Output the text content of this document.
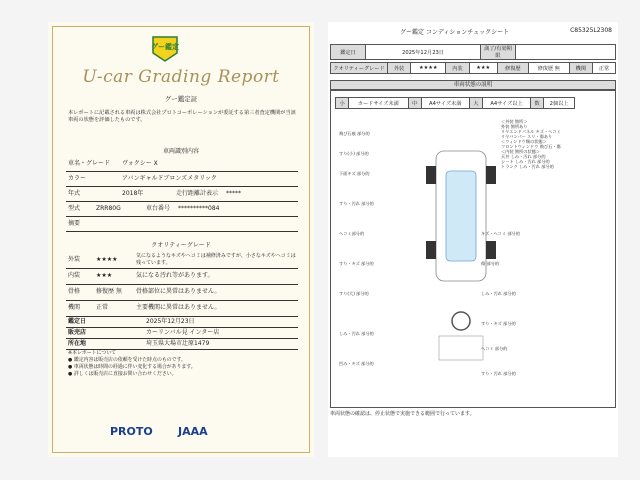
グー鑑定
U-car Grading Report
グー鑑定証
本レポートに記載される車両は株式会社プロトコーポレーションが委託する第三者査定機関が当該車両の状態を評価したものです。
車両識別内容
車名・グレード ヴォクシー X
カラー	アバンギャルドブロンズメタリック
年式	2018年	走行距離計表示 *****
型式	ZRR80G	車台番号 **********084
摘要
クオリティーグレード
外装	★★★★	気になるようなキズやヘコミは補修済みですが、小さなキズやヘコミは残っています。
内装	★★★	気になる汚れ等があります。
骨格	修復歴 無 骨格部位に異常はありません。
機関	正常	主要機関に異常はありません。
鑑定日	2025年12月23日
販売店	カーリンバル見 インター店
所在地	埼玉県大場市辻原1479
※本レポートについて
● 鑑定内容は販売店の依頼を受けた時点のものです。
● 車両状態は時間の経過に伴い変化する場合があります。
● 詳しくは販売店に直接お問い合わせください。
PROTO JAAA
グー鑑定 コンディションチェックシート	C85325L2308
鑑定日	2025年12月23日	満了/有効期限	
クオリティーグレード	外装	★★★★	内装	★★★	修復歴	修復歴 無	機関	正常
車両状態の説明
小	カードサイズ未満	中	A4サイズ未満	大	A4サイズ以上	数	2個以上
＜外装 箇所＞
外装 箇所あり
リヤエンドパネル キズ・ヘコミ
リヤバンパー スリ・傷あり
＜ウィンドウ類の状態＞
フロントウィンドウ 飛び石・傷
＜内装 箇所の状態＞
天井 しみ・汚れ 部分的
シート しみ・汚れ 部分的
トランク しみ・汚れ 部分的
飛び石痕 部分的
すり(小) 部分的
下面キズ 部分的
すり・汚れ 部分的
ヘコミ部分的
すり・キズ 部分的
すり(大) 部分的
しみ・汚れ 部分的
凹み・キズ 部分的
キズ・ヘコミ 部分的
傷 部分的
しみ・汚れ 部分的
すり・キズ 部分的
ヘコミ 部分的
すり・汚れ 部分的
車両状態の確認は、停止状態で実施できる範囲で行っています。
